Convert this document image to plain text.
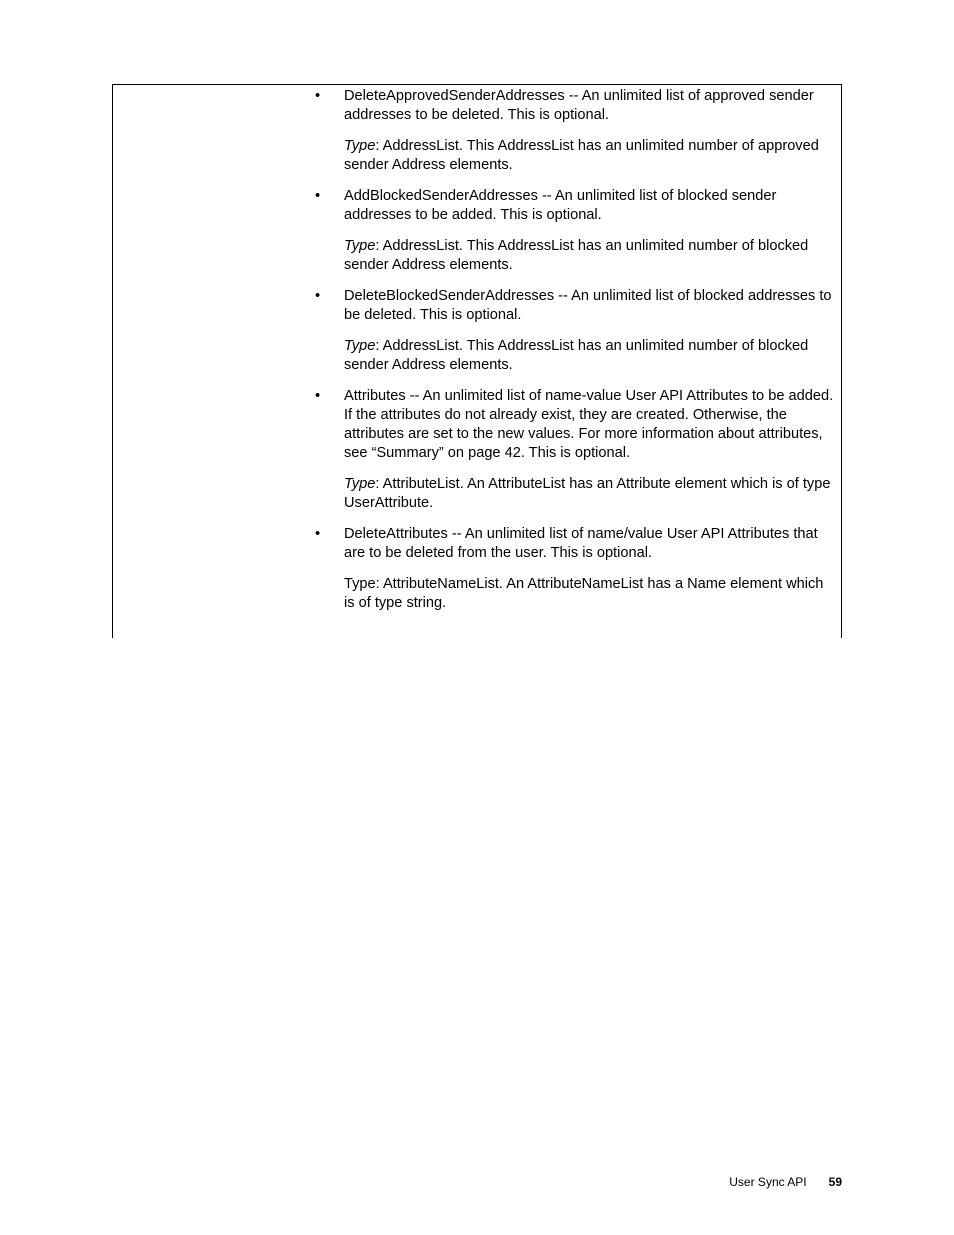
• DeleteApprovedSenderAddresses -- An unlimited list of approved sender addresses to be deleted. This is optional.

Type: AddressList. This AddressList has an unlimited number of approved sender Address elements.

• AddBlockedSenderAddresses -- An unlimited list of blocked sender addresses to be added. This is optional.

Type: AddressList. This AddressList has an unlimited number of blocked sender Address elements.

• DeleteBlockedSenderAddresses -- An unlimited list of blocked addresses to be deleted. This is optional.

Type: AddressList. This AddressList has an unlimited number of blocked sender Address elements.

• Attributes -- An unlimited list of name-value User API Attributes to be added. If the attributes do not already exist, they are created. Otherwise, the attributes are set to the new values. For more information about attributes, see “Summary” on page 42. This is optional.

Type: AttributeList. An AttributeList has an Attribute element which is of type UserAttribute.

• DeleteAttributes -- An unlimited list of name/value User API Attributes that are to be deleted from the user. This is optional.

Type: AttributeNameList. An AttributeNameList has a Name element which is of type string.

User Sync API 59
